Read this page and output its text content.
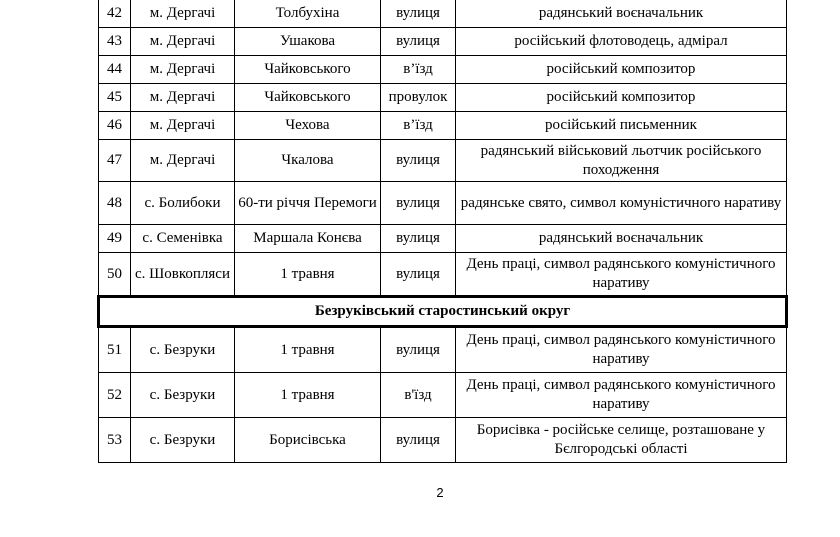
42	м. Дергачі	Толбухіна	вулиця	радянський воєначальник
43	м. Дергачі	Ушакова	вулиця	російський флотоводець, адмірал
44	м. Дергачі	Чайковського	в’їзд	російський композитор
45	м. Дергачі	Чайковського	провулок	російський композитор
46	м. Дергачі	Чехова	в’їзд	російський письменник
47	м. Дергачі	Чкалова	вулиця	радянський військовий льотчик російського походження
48	с. Болибоки	60-ти річчя Перемоги	вулиця	радянське свято, символ комуністичного наративу
49	с. Семенівка	Маршала Конєва	вулиця	радянський воєначальник
50	с. Шовкопляси	1 травня	вулиця	День праці, символ радянського комуністичного наративу
Безруківський старостинський округ				
51	с. Безруки	1 травня	вулиця	День праці, символ радянського комуністичного наративу
52	с. Безруки	1 травня	в'їзд	День праці, символ радянського комуністичного наративу
53	с. Безруки	Борисівська	вулиця	Борисівка - російське селище, розташоване у Бєлгородські області
2
